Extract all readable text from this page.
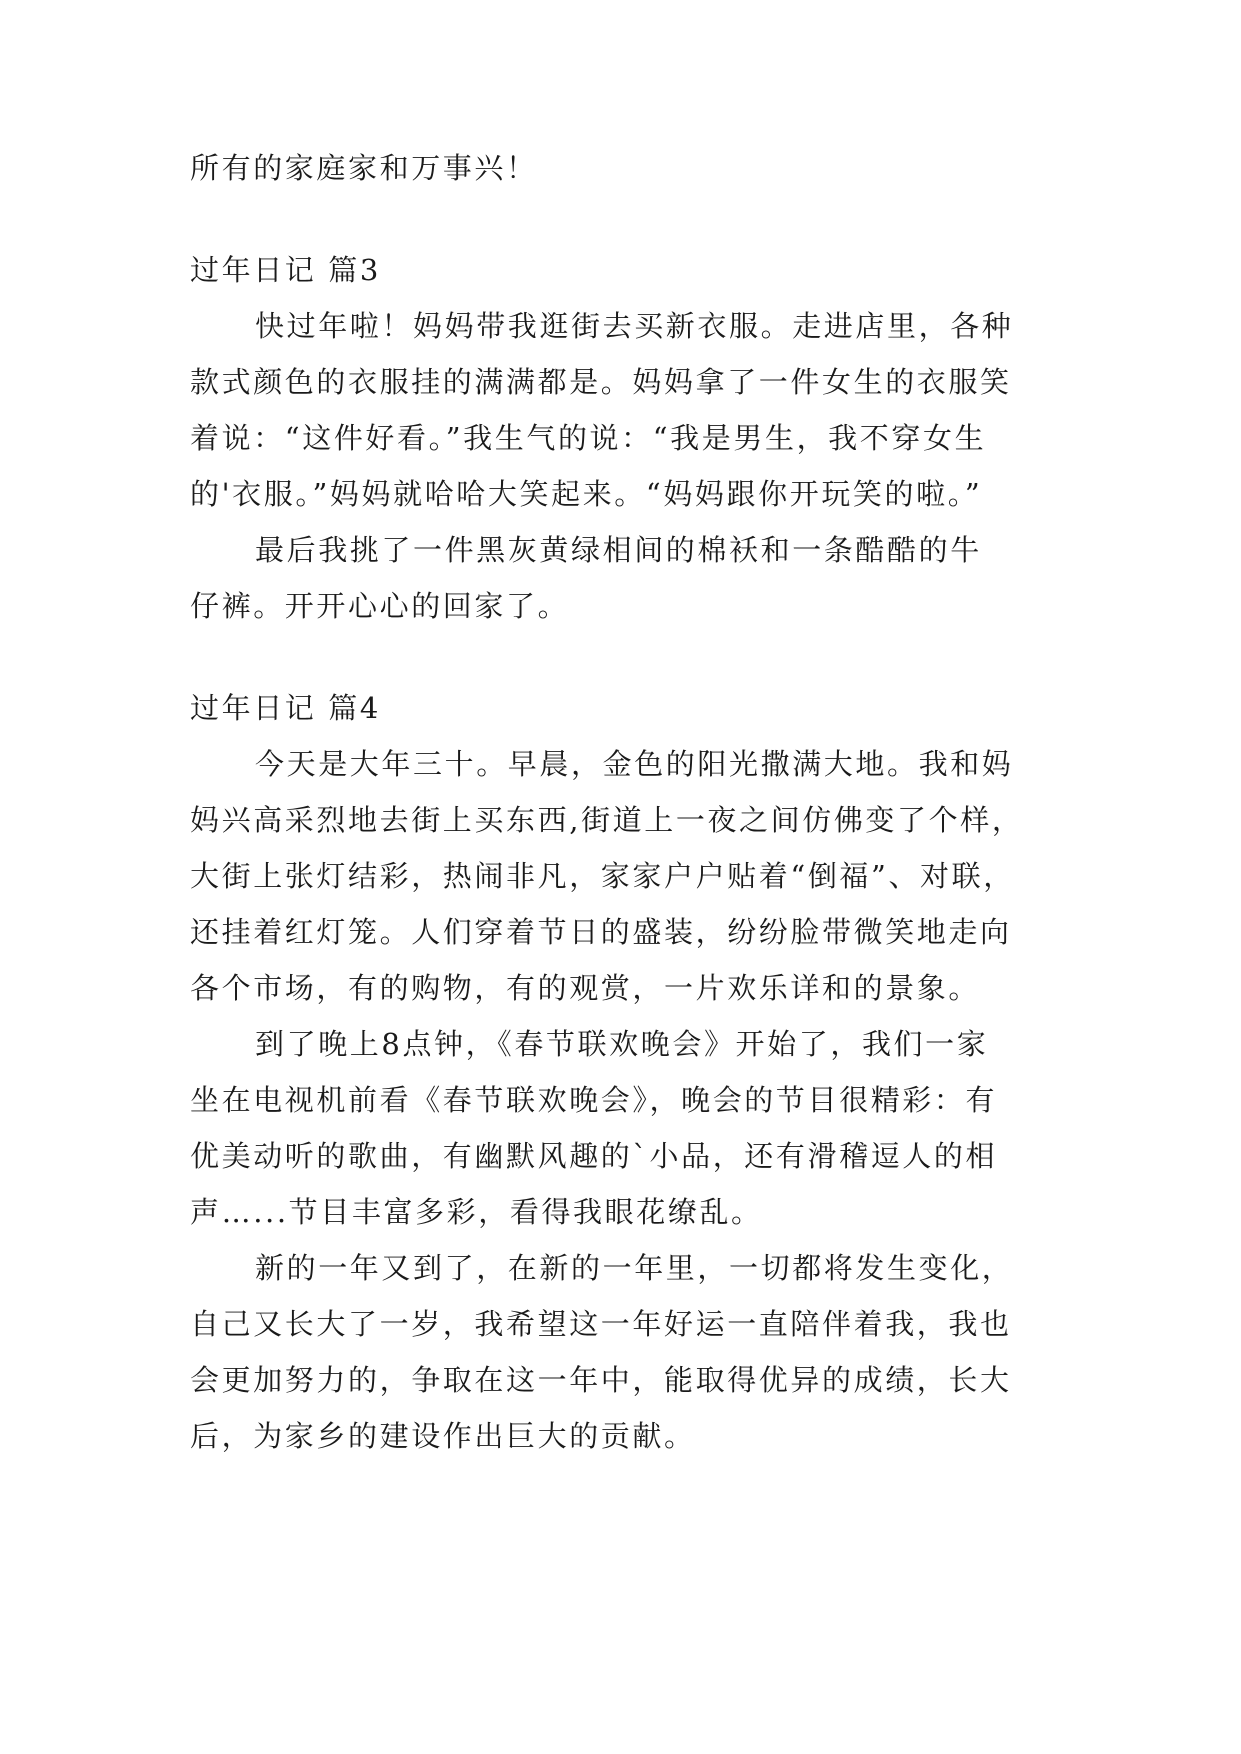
所有的家庭家和万事兴！
过年日记 篇3
快过年啦！妈妈带我逛街去买新衣服。走进店里，各种
款式颜色的衣服挂的满满都是。妈妈拿了一件女生的衣服笑
着说：“这件好看。”我生气的说：“我是男生，我不穿女生
的'衣服。”妈妈就哈哈大笑起来。“妈妈跟你开玩笑的啦。”
最后我挑了一件黑灰黄绿相间的棉袄和一条酷酷的牛
仔裤。开开心心的回家了。
过年日记 篇4
今天是大年三十。早晨，金色的阳光撒满大地。我和妈
妈兴高采烈地去街上买东西,街道上一夜之间仿佛变了个样，
大街上张灯结彩，热闹非凡，家家户户贴着“倒福”、对联，
还挂着红灯笼。人们穿着节日的盛装，纷纷脸带微笑地走向
各个市场，有的购物，有的观赏，一片欢乐详和的景象。
到了晚上8点钟，《春节联欢晚会》开始了，我们一家
坐在电视机前看《春节联欢晚会》，晚会的节目很精彩：有
优美动听的歌曲，有幽默风趣的`小品，还有滑稽逗人的相
声…...节目丰富多彩，看得我眼花缭乱。
新的一年又到了，在新的一年里，一切都将发生变化，
自己又长大了一岁，我希望这一年好运一直陪伴着我，我也
会更加努力的，争取在这一年中，能取得优异的成绩，长大
后，为家乡的建设作出巨大的贡献。
